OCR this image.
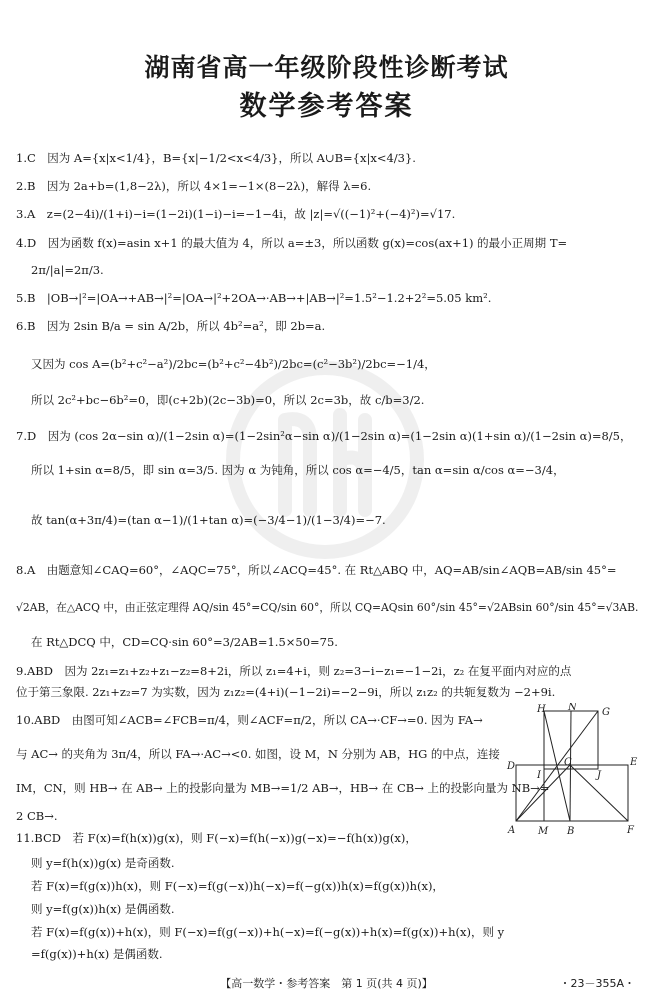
湖南省高一年级阶段性诊断考试
数学参考答案
1.C　因为 A={x|x<1/4}，B={x|−1/2<x<4/3}，所以 A∪B={x|x<4/3}.
2.B　因为 2a+b=(1,8−2λ)，所以 4×1=−1×(8−2λ)，解得 λ=6.
3.A　z=(2−4i)/(1+i)−i=(1−2i)(1−i)−i=−1−4i，故 |z|=√((−1)²+(−4)²)=√17.
4.D　因为函数 f(x)=asin x+1 的最大值为 4，所以 a=±3，所以函数 g(x)=cos(ax+1) 的最小正周期 T=
2π/|a|=2π/3.
5.B　|OB→|²=|OA→+AB→|²=|OA→|²+2OA→·AB→+|AB→|²=1.5²−1.2+2²=5.05 km².
6.B　因为 2sin B/a = sin A/2b，所以 4b²=a²，即 2b=a.
又因为 cos A=(b²+c²−a²)/2bc=(b²+c²−4b²)/2bc=(c²−3b²)/2bc=−1/4，
所以 2c²+bc−6b²=0，即(c+2b)(2c−3b)=0，所以 2c=3b，故 c/b=3/2.
7.D　因为 (cos 2α−sin α)/(1−2sin α)=(1−2sin²α−sin α)/(1−2sin α)=(1−2sin α)(1+sin α)/(1−2sin α)=8/5，
所以 1+sin α=8/5，即 sin α=3/5. 因为 α 为钝角，所以 cos α=−4/5，tan α=sin α/cos α=−3/4，
故 tan(α+3π/4)=(tan α−1)/(1+tan α)=(−3/4−1)/(1−3/4)=−7.
8.A　由题意知∠CAQ=60°，∠AQC=75°，所以∠ACQ=45°. 在 Rt△ABQ 中，AQ=AB/sin∠AQB=AB/sin 45°=
√2AB，在△ACQ 中，由正弦定理得 AQ/sin 45°=CQ/sin 60°，所以 CQ=AQsin 60°/sin 45°=√2ABsin 60°/sin 45°=√3AB.
在 Rt△DCQ 中，CD=CQ·sin 60°=3/2AB=1.5×50=75.
9.ABD　因为 2z₁=z₁+z₂+z₁−z₂=8+2i，所以 z₁=4+i，则 z₂=3−i−z₁=−1−2i，z₂ 在复平面内对应的点
位于第三象限. 2z₁+z₂=7 为实数，因为 z₁z₂=(4+i)(−1−2i)=−2−9i，所以 z₁z₂ 的共轭复数为 −2+9i.
10.ABD　由图可知∠ACB=∠FCB=π/4，则∠ACF=π/2，所以 CA→·CF→=0. 因为 FA→
与 AC→ 的夹角为 3π/4，所以 FA→·AC→<0. 如图，设 M，N 分别为 AB，HG 的中点，连接
IM，CN，则 HB→ 在 AB→ 上的投影向量为 MB→=1/2 AB→，HB→ 在 CB→ 上的投影向量为 NB→=
2 CB→.
11.BCD　若 F(x)=f(h(x))g(x)，则 F(−x)=f(h(−x))g(−x)=−f(h(x))g(x)，
则 y=f(h(x))g(x) 是奇函数.
若 F(x)=f(g(x))h(x)，则 F(−x)=f(g(−x))h(−x)=f(−g(x))h(x)=f(g(x))h(x)，
则 y=f(g(x))h(x) 是偶函数.
若 F(x)=f(g(x))+h(x)，则 F(−x)=f(g(−x))+h(−x)=f(−g(x))+h(x)=f(g(x))+h(x)，则 y
=f(g(x))+h(x) 是偶函数.
H N	G
D
I
C
J
E
A M B	F
【高一数学・参考答案　第 1 页(共 4 页)】	・23－355A・
